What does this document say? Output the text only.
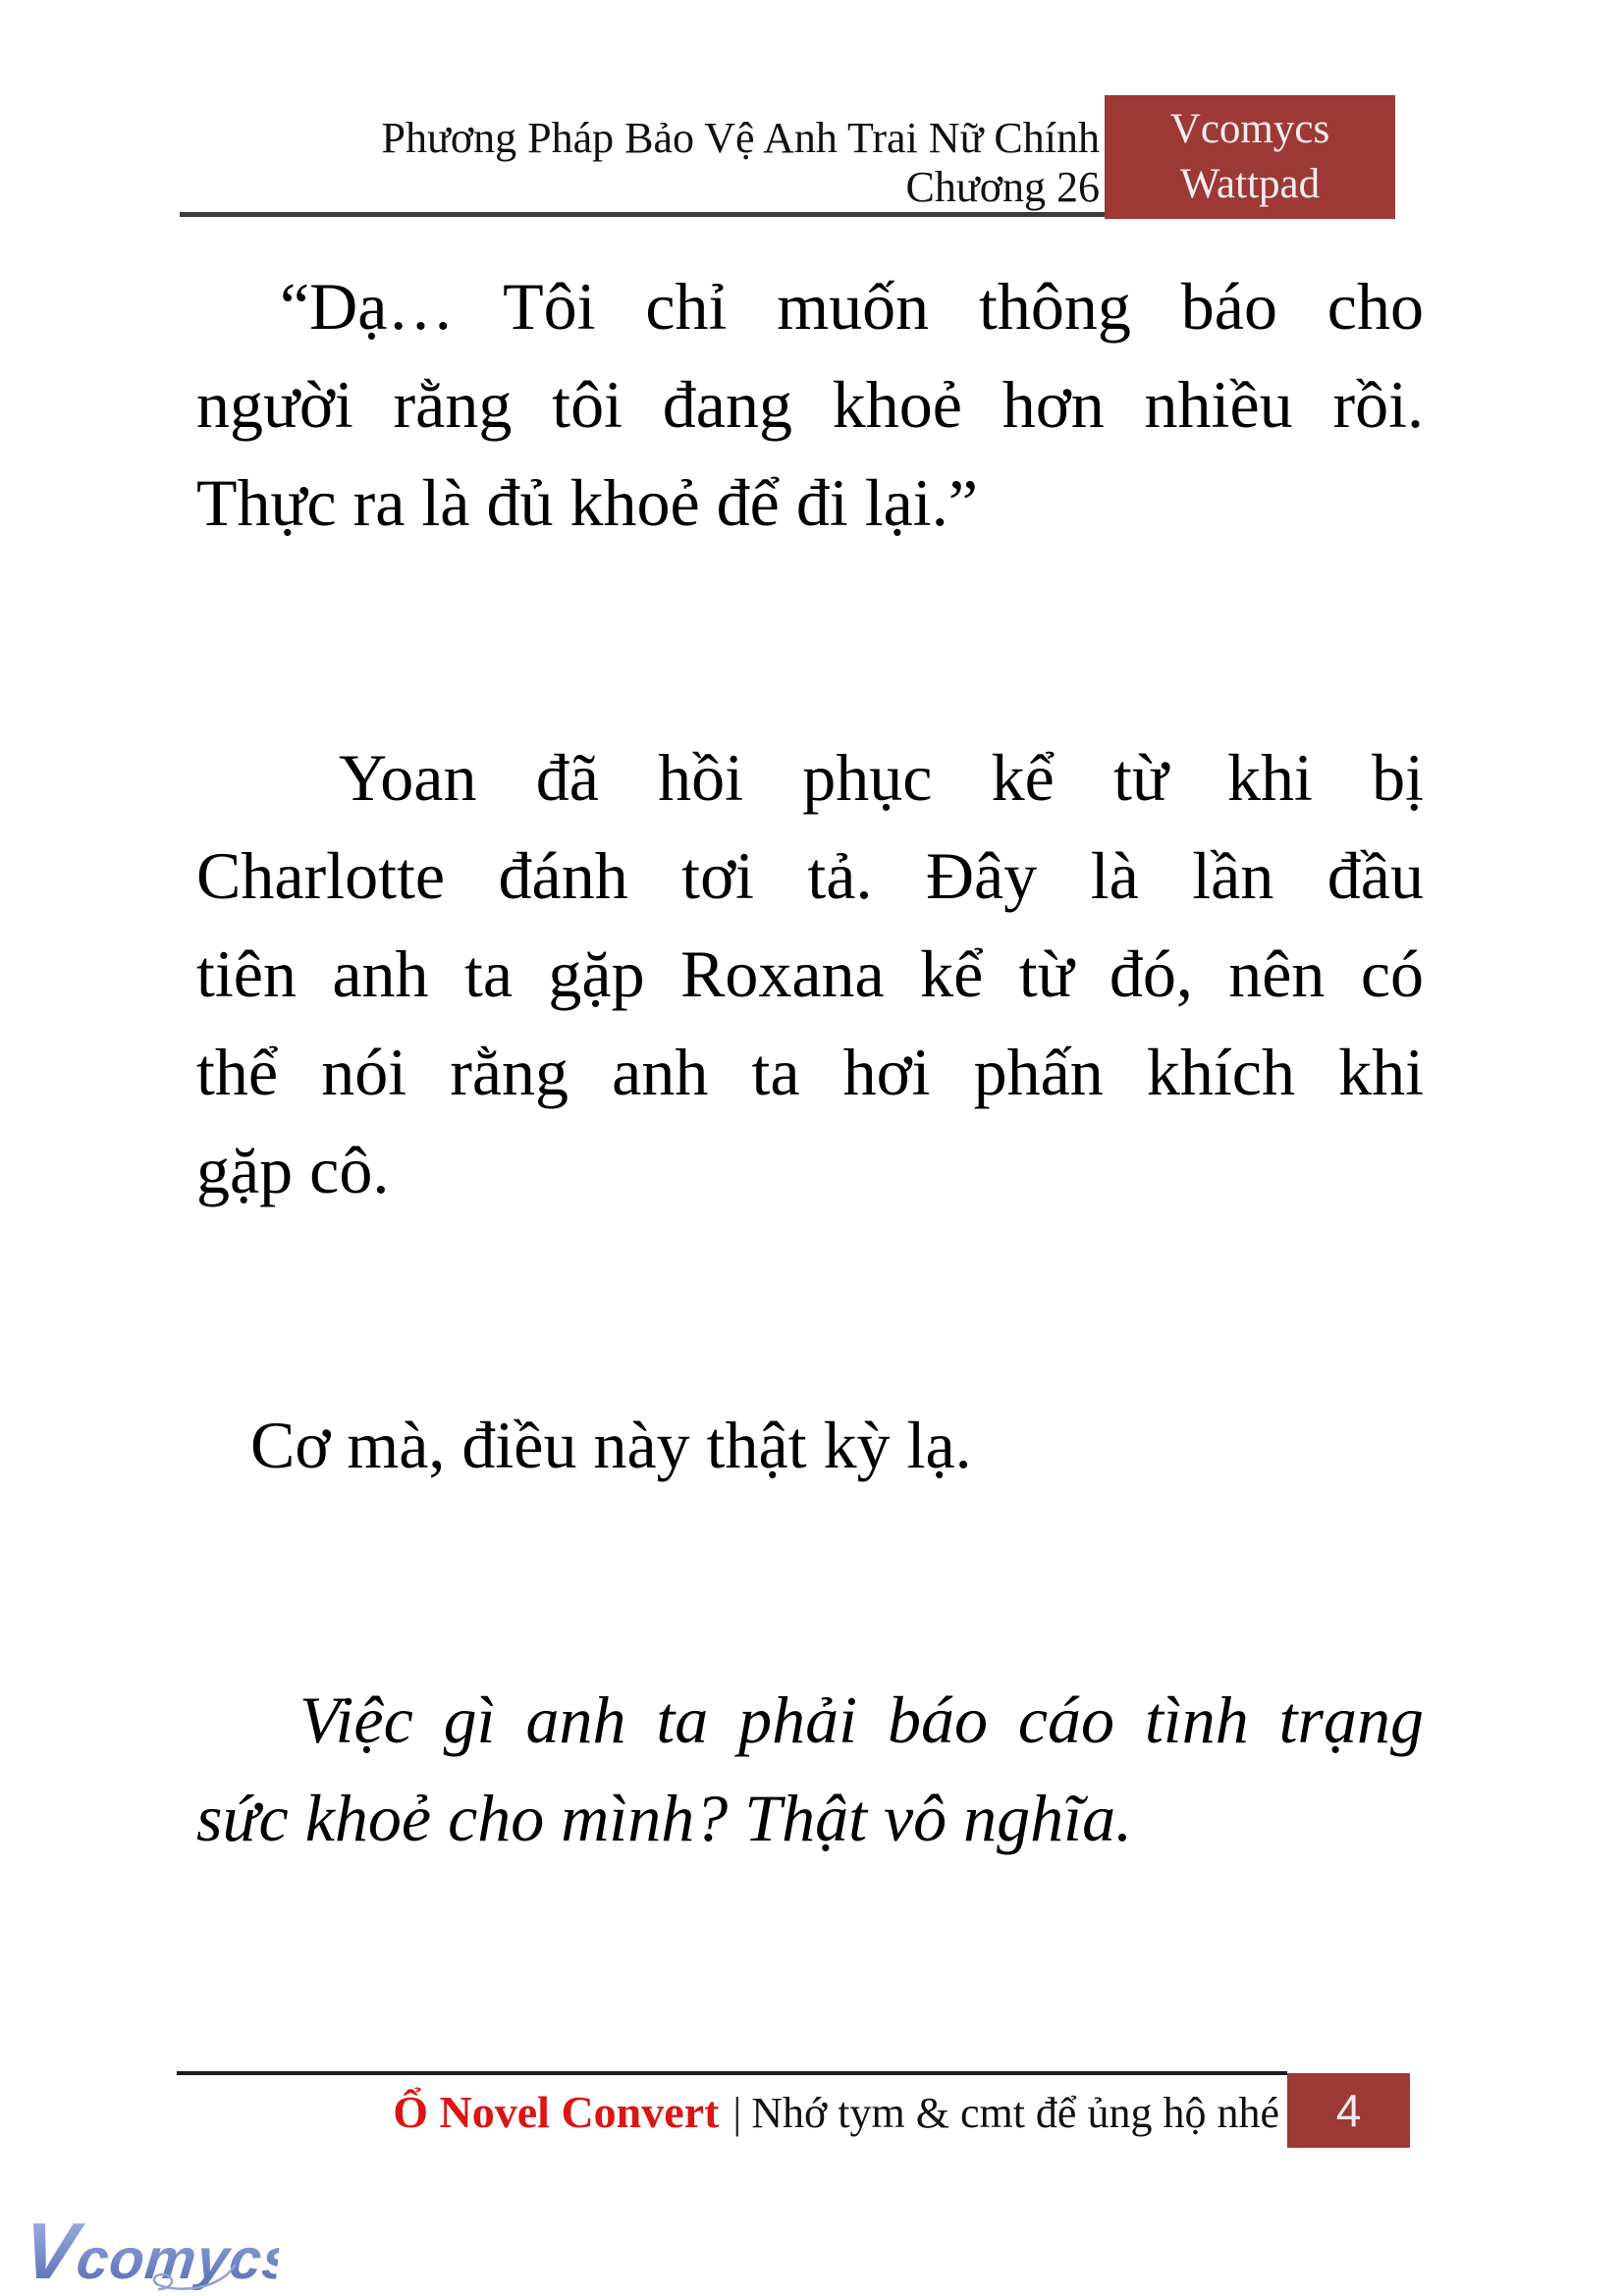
Phương Pháp Bảo Vệ Anh Trai Nữ Chính
Chương 26
Vcomycs
Wattpad
“Dạ… Tôi chỉ muốn thông báo cho
người rằng tôi đang khoẻ hơn nhiều rồi.
Thực ra là đủ khoẻ để đi lại.”
Yoan đã hồi phục kể từ khi bị
Charlotte đánh tơi tả. Đây là lần đầu
tiên anh ta gặp Roxana kể từ đó, nên có
thể nói rằng anh ta hơi phấn khích khi
gặp cô.
Cơ mà, điều này thật kỳ lạ.
Việc gì anh ta phải báo cáo tình trạng
sức khoẻ cho mình? Thật vô nghĩa.
Ổ Novel Convert | Nhớ tym & cmt để ủng hộ nhé 4
Vcomycs
